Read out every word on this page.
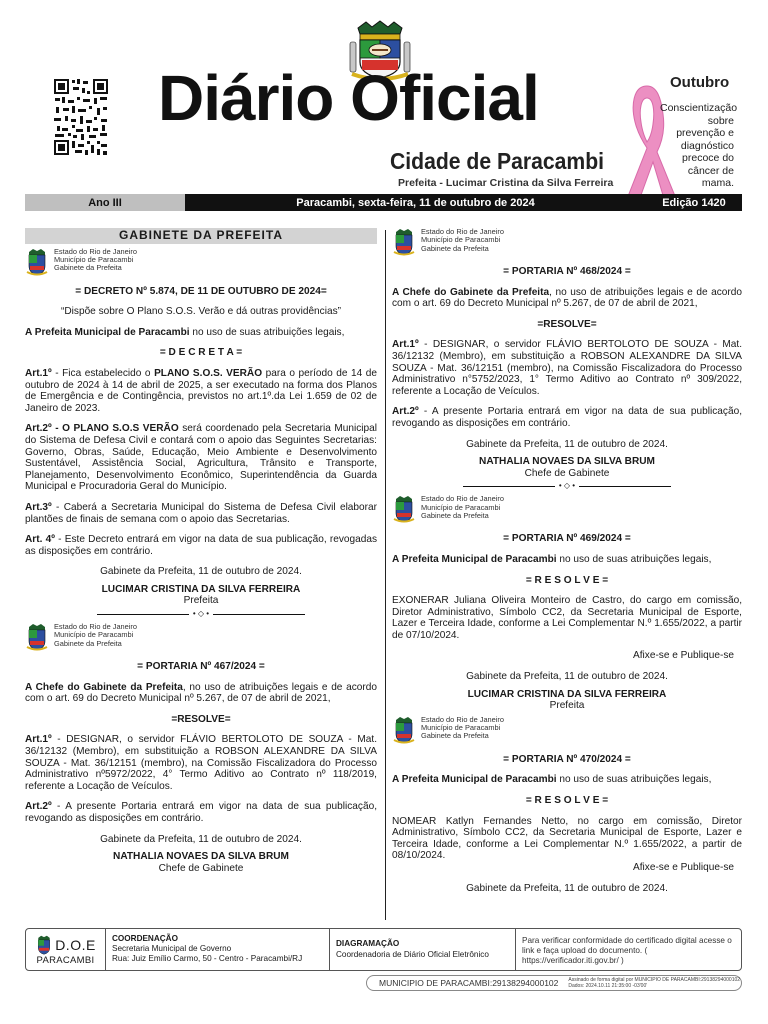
Diário Oficial
Cidade de Paracambi
Prefeita - Lucimar Cristina da Silva Ferreira
Outubro
Conscientização sobre prevenção e diagnóstico precoce do câncer de mama.
Ano III	Paracambi, sexta-feira, 11 de outubro de 2024	Edição 1420
GABINETE DA PREFEITA
Estado do Rio de Janeiro
Município de Paracambi
Gabinete da Prefeita

= DECRETO Nº 5.874, DE 11 DE OUTUBRO DE 2024=

“Dispõe sobre O Plano S.O.S. Verão e dá outras providências”

A Prefeita Municipal de Paracambi no uso de suas atribuições legais,

= D E C R E T A =

Art.1º - Fica estabelecido o PLANO S.O.S. VERÃO para o período de 14 de outubro de 2024 à 14 de abril de 2025, a ser executado na forma dos Planos de Emergência e de Contingência, previstos no art.1º.da Lei 1.659 de 02 de Janeiro de 2023.

Art.2º - O PLANO S.O.S VERÃO será coordenado pela Secretaria Municipal do Sistema de Defesa Civil e contará com o apoio das Seguintes Secretarias: Governo, Obras, Saúde, Educação, Meio Ambiente e Desenvolvimento Sustentável, Assistência Social, Agricultura, Trânsito e Transporte, Planejamento, Desenvolvimento Econômico, Superintendência da Guarda Municipal e Procuradoria Geral do Município.

Art.3º - Caberá a Secretaria Municipal do Sistema de Defesa Civil elaborar plantões de finais de semana com o apoio das Secretarias.

Art. 4º - Este Decreto entrará em vigor na data de sua publicação, revogadas as disposições em contrário.

Gabinete da Prefeita, 11 de outubro de 2024.

LUCIMAR CRISTINA DA SILVA FERREIRA
Prefeita
• ◇ •
Estado do Rio de Janeiro
Município de Paracambi
Gabinete da Prefeita

= PORTARIA Nº 467/2024 =

A Chefe do Gabinete da Prefeita, no uso de atribuições legais e de acordo com o art. 69 do Decreto Municipal nº 5.267, de 07 de abril de 2021,

=RESOLVE=

Art.1º - DESIGNAR, o servidor FLÁVIO BERTOLOTO DE SOUZA - Mat. 36/12132 (Membro), em substituição a ROBSON ALEXANDRE DA SILVA SOUZA - Mat. 36/12151 (membro), na Comissão Fiscalizadora do Processo Administrativo nº5972/2022, 4° Termo Aditivo ao Contrato nº 118/2019, referente a Locação de Veículos.

Art.2º - A presente Portaria entrará em vigor na data de sua publicação, revogando as disposições em contrário.

Gabinete da Prefeita, 11 de outubro de 2024.

NATHALIA NOVAES DA SILVA BRUM
Chefe de Gabinete
Estado do Rio de Janeiro
Município de Paracambi
Gabinete da Prefeita

= PORTARIA Nº 468/2024 =

A Chefe do Gabinete da Prefeita, no uso de atribuições legais e de acordo com o art. 69 do Decreto Municipal nº 5.267, de 07 de abril de 2021,

=RESOLVE=

Art.1º - DESIGNAR, o servidor FLÁVIO BERTOLOTO DE SOUZA - Mat. 36/12132 (Membro), em substituição a ROBSON ALEXANDRE DA SILVA SOUZA - Mat. 36/12151 (membro), na Comissão Fiscalizadora do Processo Administrativo n°5752/2023, 1° Termo Aditivo ao Contrato nº 309/2022, referente a Locação de Veículos.

Art.2º - A presente Portaria entrará em vigor na data de sua publicação, revogando as disposições em contrário.

Gabinete da Prefeita, 11 de outubro de 2024.

NATHALIA NOVAES DA SILVA BRUM
Chefe de Gabinete
• ◇ •
Estado do Rio de Janeiro
Município de Paracambi
Gabinete da Prefeita

= PORTARIA Nº 469/2024 =

A Prefeita Municipal de Paracambi no uso de suas atribuições legais,

= R E S O L V E =

EXONERAR Juliana Oliveira Monteiro de Castro, do cargo em comissão, Diretor Administrativo, Símbolo CC2, da Secretaria Municipal de Esporte, Lazer e Terceira Idade, conforme a Lei Complementar N.º 1.655/2022, a partir de 07/10/2024.

Afixe-se e Publique-se

Gabinete da Prefeita, 11 de outubro de 2024.

LUCIMAR CRISTINA DA SILVA FERREIRA
Prefeita
Estado do Rio de Janeiro
Município de Paracambi
Gabinete da Prefeita

= PORTARIA Nº 470/2024 =

A Prefeita Municipal de Paracambi no uso de suas atribuições legais,

= R E S O L V E =

NOMEAR Katlyn Fernandes Netto, no cargo em comissão, Diretor Administrativo, Símbolo CC2, da Secretaria Municipal de Esporte, Lazer e Terceira Idade, conforme a Lei Complementar N.º 1.655/2022, a partir de 08/10/2024.

Afixe-se e Publique-se

Gabinete da Prefeita, 11 de outubro de 2024.

D.O.E
PARACAMBI
COORDENAÇÃO
Secretaria Municipal de Governo
Rua: Juiz Emílio Carmo, 50 - Centro - Paracambi/RJ
DIAGRAMAÇÃO
Coordenadoria de Diário Oficial Eletrônico
Para verificar conformidade do certificado digital acesse o link e faça upload do documento. ( https://verificador.iti.gov.br/ )
MUNICIPIO DE PARACAMBI:29138294000102 Assinado de forma digital por MUNICIPIO DE PARACAMBI:29138294000102
Dados: 2024.10.11 21:35:00 -03'00'
